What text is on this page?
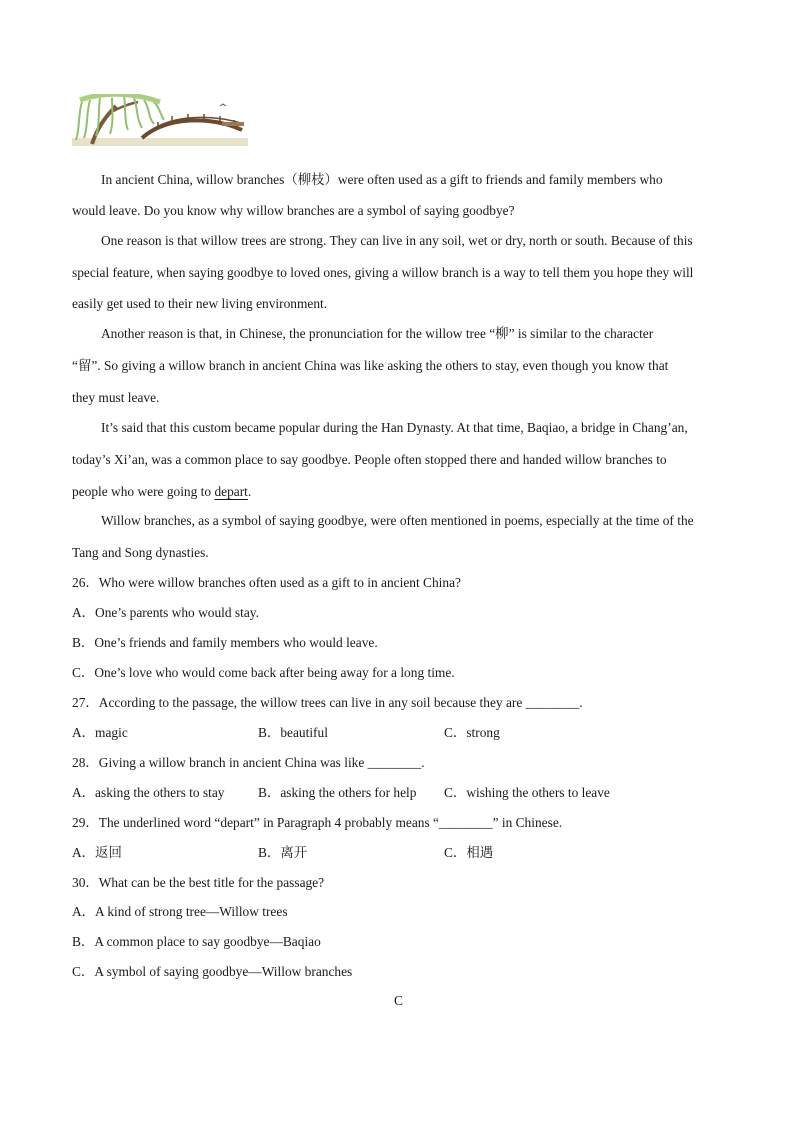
In ancient China, willow branches（柳枝）were often used as a gift to friends and family members who
would leave. Do you know why willow branches are a symbol of saying goodbye?
One reason is that willow trees are strong. They can live in any soil, wet or dry, north or south. Because of this
special feature, when saying goodbye to loved ones, giving a willow branch is a way to tell them you hope they will
easily get used to their new living environment.
Another reason is that, in Chinese, the pronunciation for the willow tree “柳” is similar to the character
“留”. So giving a willow branch in ancient China was like asking the others to stay, even though you know that
they must leave.
It’s said that this custom became popular during the Han Dynasty. At that time, Baqiao, a bridge in Chang’an,
today’s Xi’an, was a common place to say goodbye. People often stopped there and handed willow branches to
people who were going to depart.
Willow branches, as a symbol of saying goodbye, were often mentioned in poems, especially at the time of the
Tang and Song dynasties.
26．Who were willow branches often used as a gift to in ancient China?
A．One’s parents who would stay.
B．One’s friends and family members who would leave.
C．One’s love who would come back after being away for a long time.
27．According to the passage, the willow trees can live in any soil because they are ________.
A．magic	B．beautiful	C．strong
28．Giving a willow branch in ancient China was like ________.
A．asking the others to stay	B．asking the others for help C．wishing the others to leave
29．The underlined word “depart” in Paragraph 4 probably means “________” in Chinese.
A．返回	B．离开	C．相遇
30．What can be the best title for the passage?
A．A kind of strong tree—Willow trees
B．A common place to say goodbye—Baqiao
C．A symbol of saying goodbye—Willow branches
C
